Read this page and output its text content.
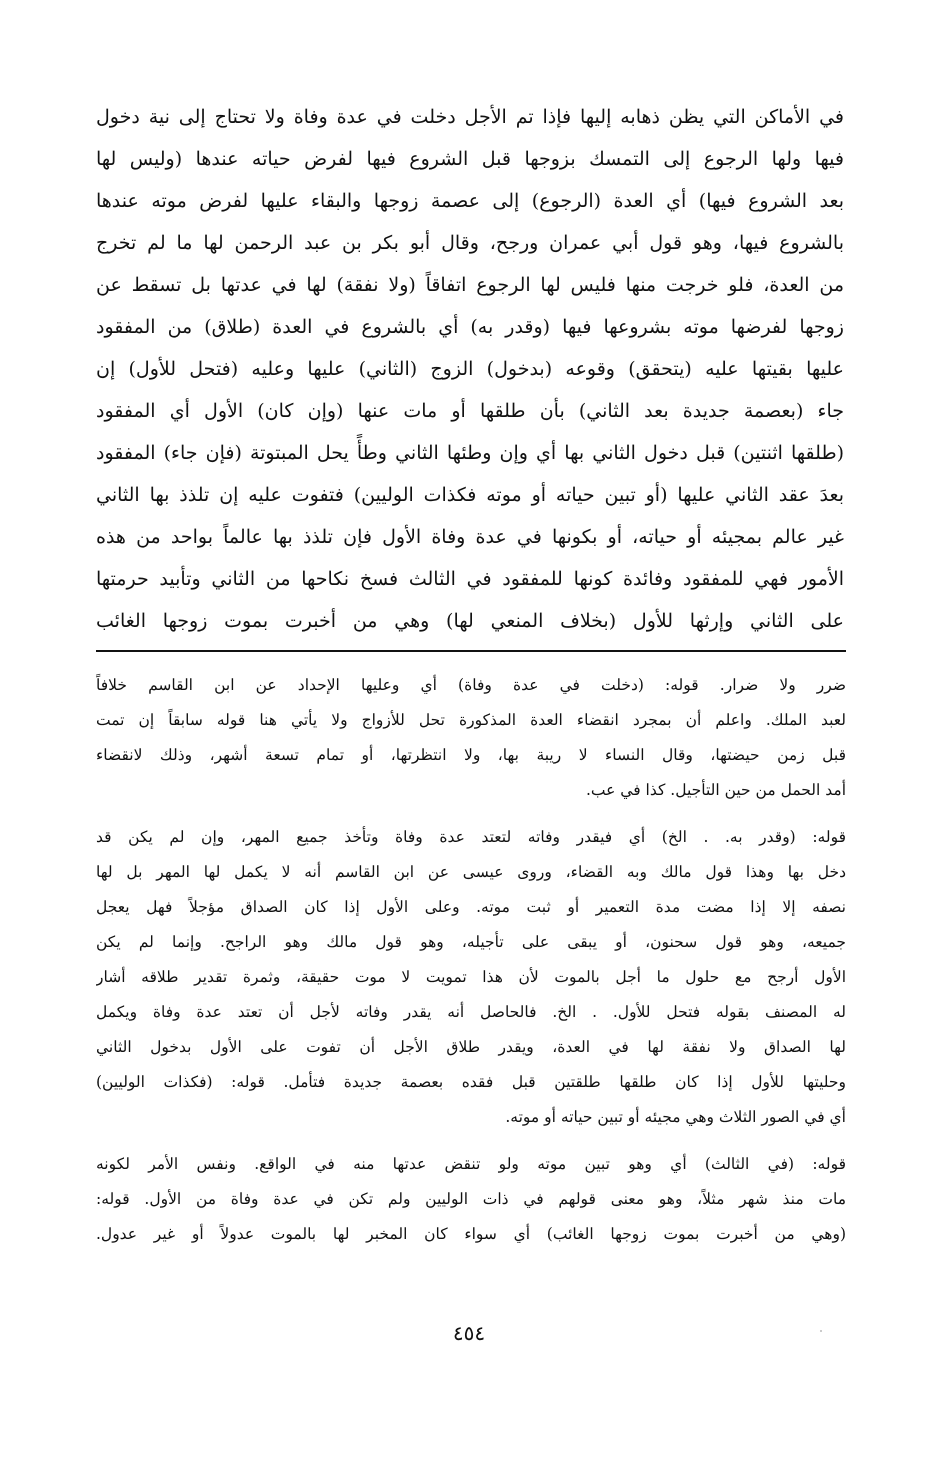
في الأماكن التي يظن ذهابه إليها فإذا تم الأجل دخلت في عدة وفاة ولا تحتاج إلى نية دخول
فيها ولها الرجوع إلى التمسك بزوجها قبل الشروع فيها لفرض حياته عندها (وليس لها
بعد الشروع فيها) أي العدة (الرجوع) إلى عصمة زوجها والبقاء عليها لفرض موته عندها
بالشروع فيها، وهو قول أبي عمران ورجح، وقال أبو بكر بن عبد الرحمن لها ما لم تخرج
من العدة، فلو خرجت منها فليس لها الرجوع اتفاقاً (ولا نفقة) لها في عدتها بل تسقط عن
زوجها لفرضها موته بشروعها فيها (وقدر به) أي بالشروع في العدة (طلاق) من المفقود
عليها بقيتها عليه (يتحقق) وقوعه (بدخول) الزوج (الثاني) عليها وعليه (فتحل للأول) إن
جاء (بعصمة جديدة بعد الثاني) بأن طلقها أو مات عنها (وإن كان) الأول أي المفقود
(طلقها اثنتين) قبل دخول الثاني بها أي وإن وطئها الثاني وطأً يحل المبتوتة (فإن جاء) المفقود
بعدَ عقد الثاني عليها (أو تبين حياته أو موته فكذات الوليين) فتفوت عليه إن تلذذ بها الثاني
غير عالم بمجيئه أو حياته، أو بكونها في عدة وفاة الأول فإن تلذذ بها عالماً بواحد من هذه
الأمور فهي للمفقود وفائدة كونها للمفقود في الثالث فسخ نكاحها من الثاني وتأبيد حرمتها
على الثاني وإرثها للأول (بخلاف المنعي لها) وهي من أخبرت بموت زوجها الغائب
ضرر ولا ضرار. قوله: (دخلت في عدة وفاة) أي وعليها الإحداد عن ابن القاسم خلافاً
لعبد الملك. واعلم أن بمجرد انقضاء العدة المذكورة تحل للأزواج ولا يأتي هنا قوله سابقاً إن تمت
قبل زمن حيضتها، وقال النساء لا ريبة بها، ولا انتظرتها، أو تمام تسعة أشهر، وذلك لانقضاء
أمد الحمل من حين التأجيل. كذا في عب.
قوله: (وقدر به. . الخ) أي فيقدر وفاته لتعتد عدة وفاة وتأخذ جميع المهر، وإن لم يكن قد
دخل بها وهذا قول مالك وبه القضاء، وروى عيسى عن ابن القاسم أنه لا يكمل لها المهر بل لها
نصفه إلا إذا مضت مدة التعمير أو ثبت موته. وعلى الأول إذا كان الصداق مؤجلاً فهل يعجل
جميعه، وهو قول سحنون، أو يبقى على تأجيله، وهو قول مالك وهو الراجح. وإنما لم يكن
الأول أرجح مع حلول ما أجل بالموت لأن هذا تمويت لا موت حقيقة، وثمرة تقدير طلاقه أشار
له المصنف بقوله فتحل للأول. . الخ. فالحاصل أنه يقدر وفاته لأجل أن تعتد عدة وفاة ويكمل
لها الصداق ولا نفقة لها في العدة، ويقدر طلاق الأجل أن تفوت على الأول بدخول الثاني
وحليتها للأول إذا كان طلقها طلقتين قبل فقده بعصمة جديدة فتأمل. قوله: (فكذات الوليين)
أي في الصور الثلاث وهي مجيئه أو تبين حياته أو موته.
قوله: (في الثالث) أي وهو تبين موته ولو تنقض عدتها منه في الواقع. ونفس الأمر لكونه
مات منذ شهر مثلاً، وهو معنى قولهم في ذات الوليين ولم تكن في عدة وفاة من الأول. قوله:
(وهي من أخبرت بموت زوجها الغائب) أي سواء كان المخبر لها بالموت عدولاً أو غير عدول.
٤٥٤
